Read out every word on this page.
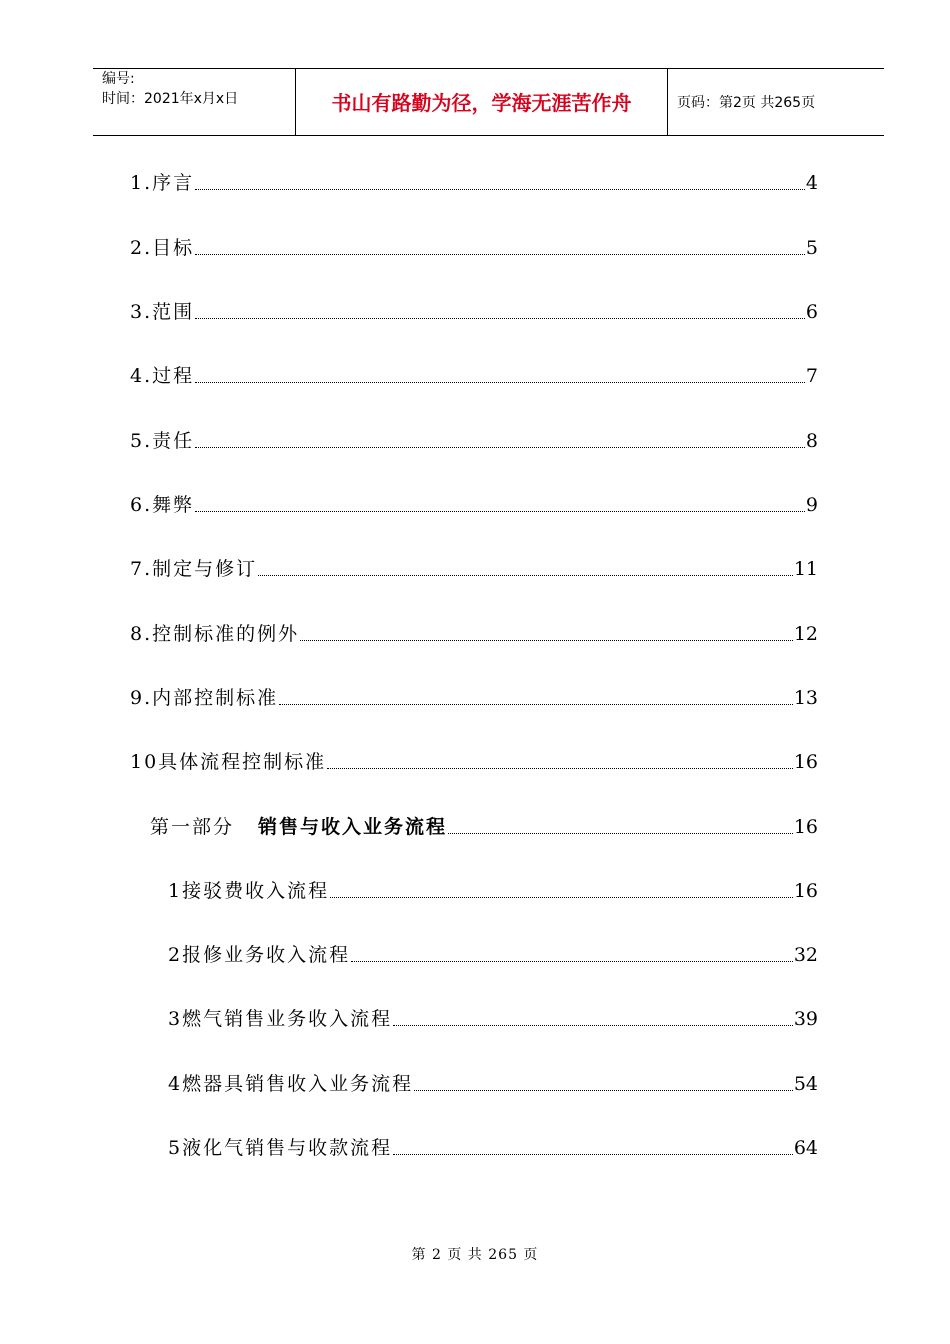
编号:
时间：2021年x月x日	书山有路勤为径，学海无涯苦作舟	页码：第2页 共265页
1.序言	4
2.目标	5
3.范围	6
4.过程	7
5.责任	8
6.舞弊	9
7.制定与修订	11
8.控制标准的例外	12
9.内部控制标准	13
10具体流程控制标准	16
第一部分 销售与收入业务流程	16
1接驳费收入流程	16
2报修业务收入流程	32
3燃气销售业务收入流程	39
4燃器具销售收入业务流程	54
5液化气销售与收款流程	64
第 2 页 共 265 页
